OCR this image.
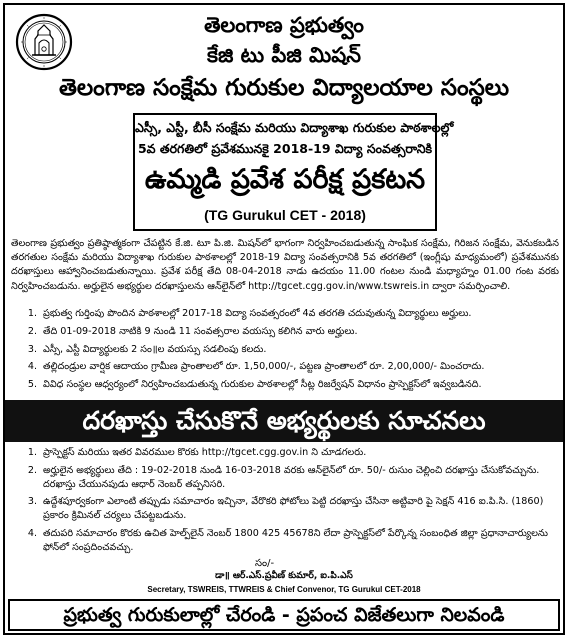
తెలంగాణ ప్రభుత్వం
కేజి టు పీజి మిషన్
తెలంగాణ సంక్షేమ గురుకుల విద్యాలయాల సంస్థలు
ఎస్సీ, ఎస్టీ, బీసీ సంక్షేమ మరియు విద్యాశాఖ గురుకుల పాఠశాలల్లో
5వ తరగతిలో ప్రవేశమునకై 2018-19 విద్యా సంవత్సరానికి
ఉమ్మడి ప్రవేశ పరీక్ష ప్రకటన
(TG Gurukul CET - 2018)

తెలంగాణ ప్రభుత్వం ప్రతిష్ఠాత్మకంగా చేపట్టిన కే.జి. టూ పి.జి. మిషన్‌లో భాగంగా నిర్వహించబడుతున్న సాంఘిక సంక్షేమ, గిరిజన సంక్షేమ, వెనుకబడిన తరగతుల సంక్షేమ మరియు విద్యాశాఖ గురుకుల పాఠశాలల్లో 2018-19 విద్యా సంవత్సరానికి 5వ తరగతిలో (ఇంగ్లీషు మాధ్యమంలో) ప్రవేశమునకు దరఖాస్తులు ఆహ్వానించబడుతున్నాయి. ప్రవేశ పరీక్ష తేది 08-04-2018 నాడు ఉదయం 11.00 గంటల నుండి మధ్యాహ్నం 01.00 గంట వరకు నిర్వహించబడును. అర్హులైన అభ్యర్థుల దరఖాస్తులను ఆన్‌లైన్‌లో http://tgcet.cgg.gov.in/www.tswreis.in ద్వారా సమర్పించాలి.

1. ప్రభుత్వ గుర్తింపు పొందిన పాఠశాలల్లో 2017-18 విద్యా సంవత్సరంలో 4వ తరగతి చదువుతున్న విద్యార్థులు అర్హులు.
2. తేది 01-09-2018 నాటికి 9 నుండి 11 సంవత్సరాల వయస్సు కలిగిన వారు అర్హులు.
3. ఎస్సీ, ఎస్టీ విద్యార్థులకు 2 సం॥ల వయస్సు సడలింపు కలదు.
4. తల్లిదండ్రుల వార్షిక ఆదాయం గ్రామీణ ప్రాంతాలలో రూ. 1,50,000/-, పట్టణ ప్రాంతాలలో రూ. 2,00,000/- మించరాదు.
5. వివిధ సంస్థల ఆధ్వర్యంలో నిర్వహించబడుతున్న గురుకుల పాఠశాలల్లో సీట్ల రిజర్వేషన్ విధానం ప్రాస్పెక్టస్‌లో ఇవ్వబడినది.
దరఖాస్తు చేసుకొనే అభ్యర్థులకు సూచనలు
1. ప్రాస్పెక్టస్ మరియు ఇతర వివరముల కొరకు http://tgcet.cgg.gov.in ని చూడగలరు.
2. అర్హులైన అభ్యర్థులు తేది : 19-02-2018 నుండి 16-03-2018 వరకు ఆన్‌లైన్‌లో రూ. 50/- రుసుం చెల్లించి దరఖాస్తు చేసుకోవచ్చును. దరఖాస్తు చేయునపుడు ఆధార్ నెంబర్ తప్పనిసరి.
3. ఉద్దేశపూర్వకంగా ఎలాంటి తప్పుడు సమాచారం ఇచ్చినా, వేరొకరి ఫోటోలు పెట్టి దరఖాస్తు చేసినా అట్టివారి పై సెక్షన్ 416 ఐ.పి.సి. (1860) ప్రకారం క్రిమినల్ చర్యలు చేపట్టబడును.
4. తదుపరి సమాచారం కొరకు ఉచిత హెల్ప్‌లైన్ నెంబర్ 1800 425 45678ని లేదా ప్రాస్పెక్టస్‌లో పేర్కొన్న సంబంధిత జిల్లా ప్రధానాచార్యులను ఫోన్‌లో సంప్రదించవచ్చు.
సం/-
డా॥ ఆర్.ఎస్.ప్రవీణ్ కుమార్, ఐ.పి.ఎస్
Secretary, TSWREIS, TTWREIS & Chief Convenor, TG Gurukul CET-2018
ప్రభుత్వ గురుకులాల్లో చేరండి - ప్రపంచ విజేతలుగా నిలవండి
